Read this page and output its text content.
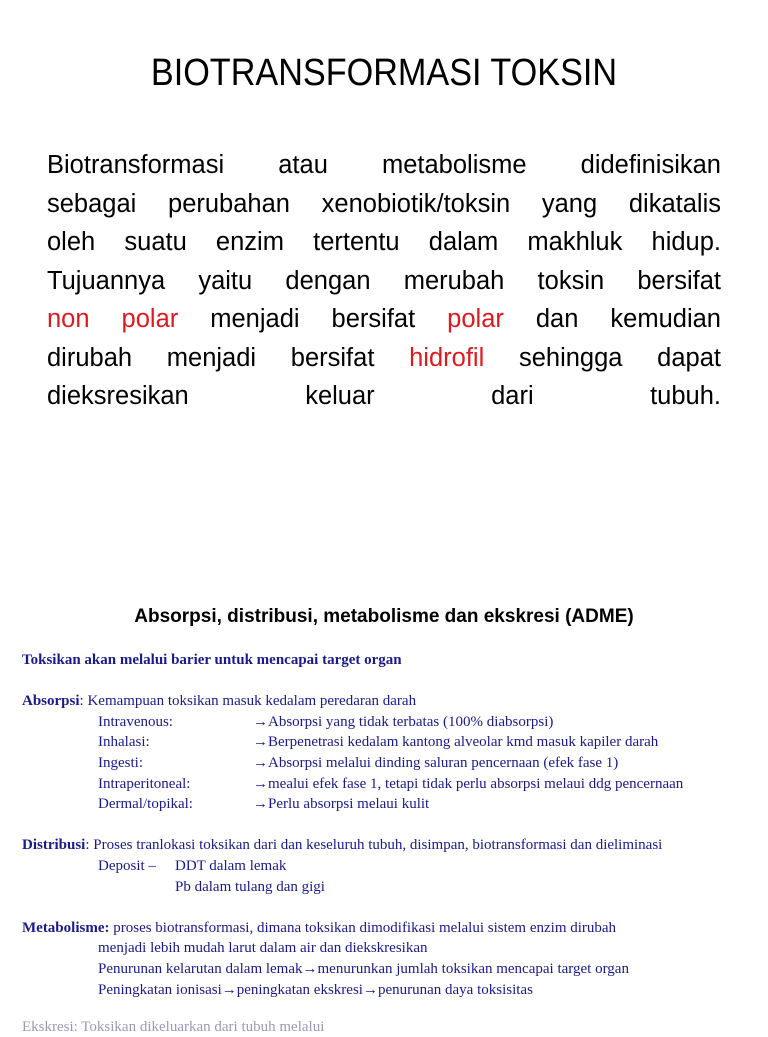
BIOTRANSFORMASI TOKSIN
Biotransformasi atau metabolisme didefinisikan
sebagai perubahan xenobiotik/toksin yang dikatalis
oleh suatu enzim tertentu dalam makhluk hidup.
Tujuannya yaitu dengan merubah toksin bersifat
non polar menjadi bersifat polar dan kemudian
dirubah menjadi bersifat hidrofil sehingga dapat
dieksresikan keluar dari tubuh.
Absorpsi, distribusi, metabolisme dan ekskresi (ADME)
Toksikan akan melalui barier untuk mencapai target organ
Absorpsi: Kemampuan toksikan masuk kedalam peredaran darah
Intravenous:	→Absorpsi yang tidak terbatas (100% diabsorpsi)
Inhalasi:	→Berpenetrasi kedalam kantong alveolar kmd masuk kapiler darah
Ingesti:	→Absorpsi melalui dinding saluran pencernaan (efek fase 1)
Intraperitoneal:	→mealui efek fase 1, tetapi tidak perlu absorpsi melaui ddg pencernaan
Dermal/topikal:	→Perlu absorpsi melaui kulit
Distribusi: Proses tranlokasi toksikan dari dan keseluruh tubuh, disimpan, biotransformasi dan dieliminasi
Deposit – DDT dalam lemak
Pb dalam tulang dan gigi
Metabolisme: proses biotransformasi, dimana toksikan dimodifikasi melalui sistem enzim dirubah
menjadi lebih mudah larut dalam air dan diekskresikan
Penurunan kelarutan dalam lemak→menurunkan jumlah toksikan mencapai target organ
Peningkatan ionisasi→peningkatan ekskresi→penurunan daya toksisitas
Ekskresi: Toksikan dikeluarkan dari tubuh melalui
